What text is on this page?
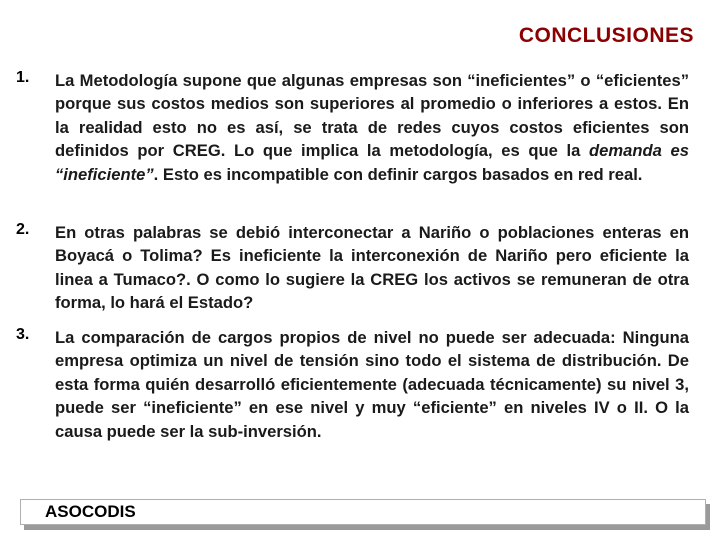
CONCLUSIONES
1. La Metodología supone que algunas empresas son “ineficientes” o “eficientes” porque sus costos medios son superiores al promedio o inferiores a estos. En la realidad esto no es así, se trata de redes cuyos costos eficientes son definidos por CREG. Lo que implica la metodología, es que la demanda es “ineficiente”. Esto es incompatible con definir cargos basados en red real.

2. En otras palabras se debió interconectar a Nariño o poblaciones enteras en Boyacá o Tolima? Es ineficiente la interconexión de Nariño pero eficiente la linea a Tumaco?. O como lo sugiere la CREG los activos se remuneran de otra forma, lo hará el Estado?

3. La comparación de cargos propios de nivel no puede ser adecuada: Ninguna empresa optimiza un nivel de tensión sino todo el sistema de distribución. De esta forma quién desarrolló eficientemente (adecuada técnicamente) su nivel 3, puede ser “ineficiente” en ese nivel y muy “eficiente” en niveles IV o II. O la causa puede ser la sub-inversión.

ASOCODIS
